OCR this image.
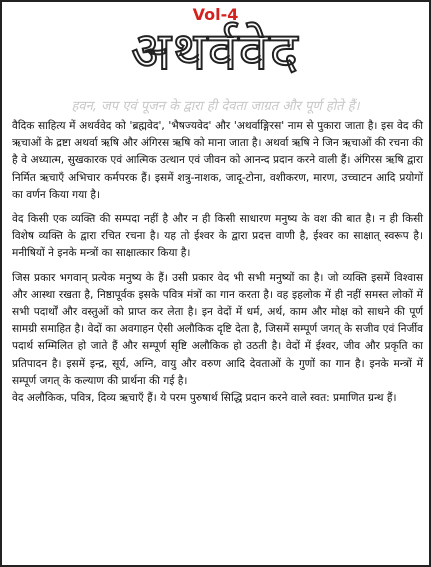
Vol-4
अथर्ववेद
हवन, जप एवं पूजन के द्वारा ही देवता जाग्रत और पूर्ण होते हैं।

वैदिक साहित्य में अथर्ववेद को 'ब्रह्मवेद', 'भैषज्यवेद' और 'अथर्वाङ्गिरस' नाम से पुकारा जाता है। इस वेद की ऋचाओं के द्रष्टा अथर्वा ऋषि और अंगिरस ऋषि को माना जाता है। अथर्वा ऋषि ने जिन ऋचाओं की रचना की है वे अध्यात्म, सुखकारक एवं आत्मिक उत्थान एवं जीवन को आनन्द प्रदान करने वाली हैं। अंगिरस ऋषि द्वारा निर्मित ऋचाएँ अभिचार कर्मपरक हैं। इसमें शत्रु-नाशक, जादू-टोना, वशीकरण, मारण, उच्चाटन आदि प्रयोगों का वर्णन किया गया है।

वेद किसी एक व्यक्ति की सम्पदा नहीं है और न ही किसी साधारण मनुष्य के वश की बात है। न ही किसी विशेष व्यक्ति के द्वारा रचित रचना है। यह तो ईश्वर के द्वारा प्रदत्त वाणी है, ईश्वर का साक्षात् स्वरूप है। मनीषियों ने इनके मन्त्रों का साक्षात्कार किया है।

जिस प्रकार भगवान् प्रत्येक मनुष्य के हैं। उसी प्रकार वेद भी सभी मनुष्यों का है। जो व्यक्ति इसमें विश्वास और आस्था रखता है, निष्ठापूर्वक इसके पवित्र मंत्रों का गान करता है। वह इहलोक में ही नहीं समस्त लोकों में सभी पदार्थों और वस्तुओं को प्राप्त कर लेता है। इन वेदों में धर्म, अर्थ, काम और मोक्ष को साधने की पूर्ण सामग्री समाहित है। वेदों का अवगाहन ऐसी अलौकिक दृष्टि देता है, जिसमें सम्पूर्ण जगत् के सजीव एवं निर्जीव पदार्थ सम्मिलित हो जाते हैं और सम्पूर्ण सृष्टि अलौकिक हो उठती है। वेदों में ईश्वर, जीव और प्रकृति का प्रतिपादन है। इसमें इन्द्र, सूर्य, अग्नि, वायु और वरुण आदि देवताओं के गुणों का गान है। इनके मन्त्रों में सम्पूर्ण जगत् के कल्याण की प्रार्थना की गई है।

वेद अलौकिक, पवित्र, दिव्य ऋचाएँ हैं। ये परम पुरुषार्थ सिद्धि प्रदान करने वाले स्वत: प्रमाणित ग्रन्थ हैं।
